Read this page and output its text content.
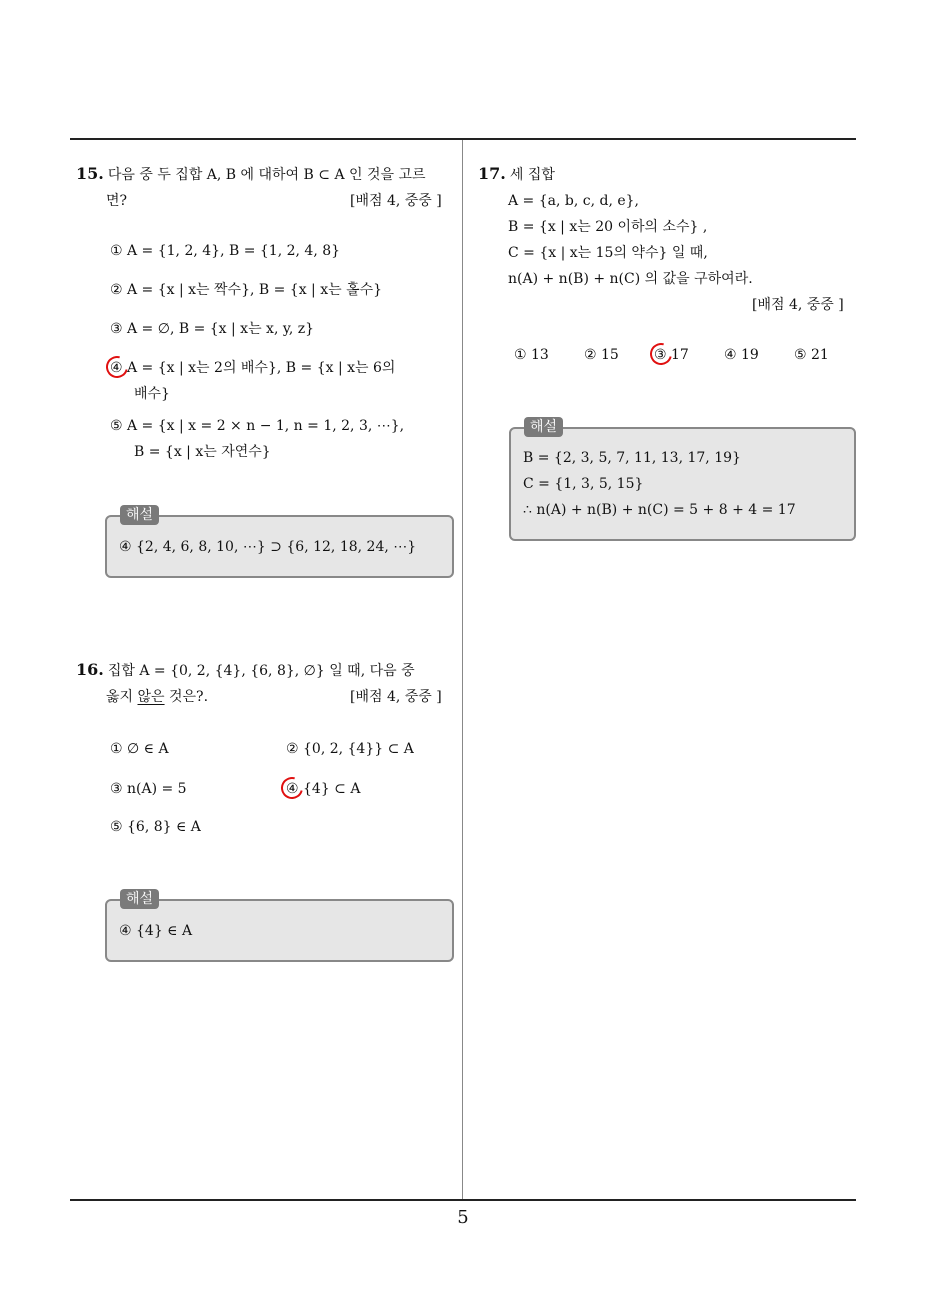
15. 다음 중 두 집합 A, B 에 대하여 B ⊂ A 인 것을 고르
면?	[배점 4, 중중 ]
① A = {1, 2, 4}, B = {1, 2, 4, 8}
② A = {x | x는 짝수}, B = {x | x는 홀수}
③ A = ∅, B = {x | x는 x, y, z}
④ A = {x | x는 2의 배수}, B = {x | x는 6의
배수}
⑤ A = {x | x = 2 × n − 1, n = 1, 2, 3, ⋯},
B = {x | x는 자연수}
④ {2, 4, 6, 8, 10, ⋯} ⊃ {6, 12, 18, 24, ⋯}
해설
16. 집합 A = {0, 2, {4}, {6, 8}, ∅} 일 때, 다음 중
옳지 않은 것은?.	[배점 4, 중중 ]
① ∅ ∈ A	② {0, 2, {4}} ⊂ A
③ n(A) = 5	④ {4} ⊂ A
⑤ {6, 8} ∈ A
④ {4} ∈ A
해설
17. 세 집합
A = {a, b, c, d, e},
B = {x | x는 20 이하의 소수} ,
C = {x | x는 15의 약수} 일 때,
n(A) + n(B) + n(C) 의 값을 구하여라.
[배점 4, 중중 ]
① 13	② 15	③ 17	④ 19	⑤ 21
B = {2, 3, 5, 7, 11, 13, 17, 19}
C = {1, 3, 5, 15}
∴ n(A) + n(B) + n(C) = 5 + 8 + 4 = 17
해설
5
